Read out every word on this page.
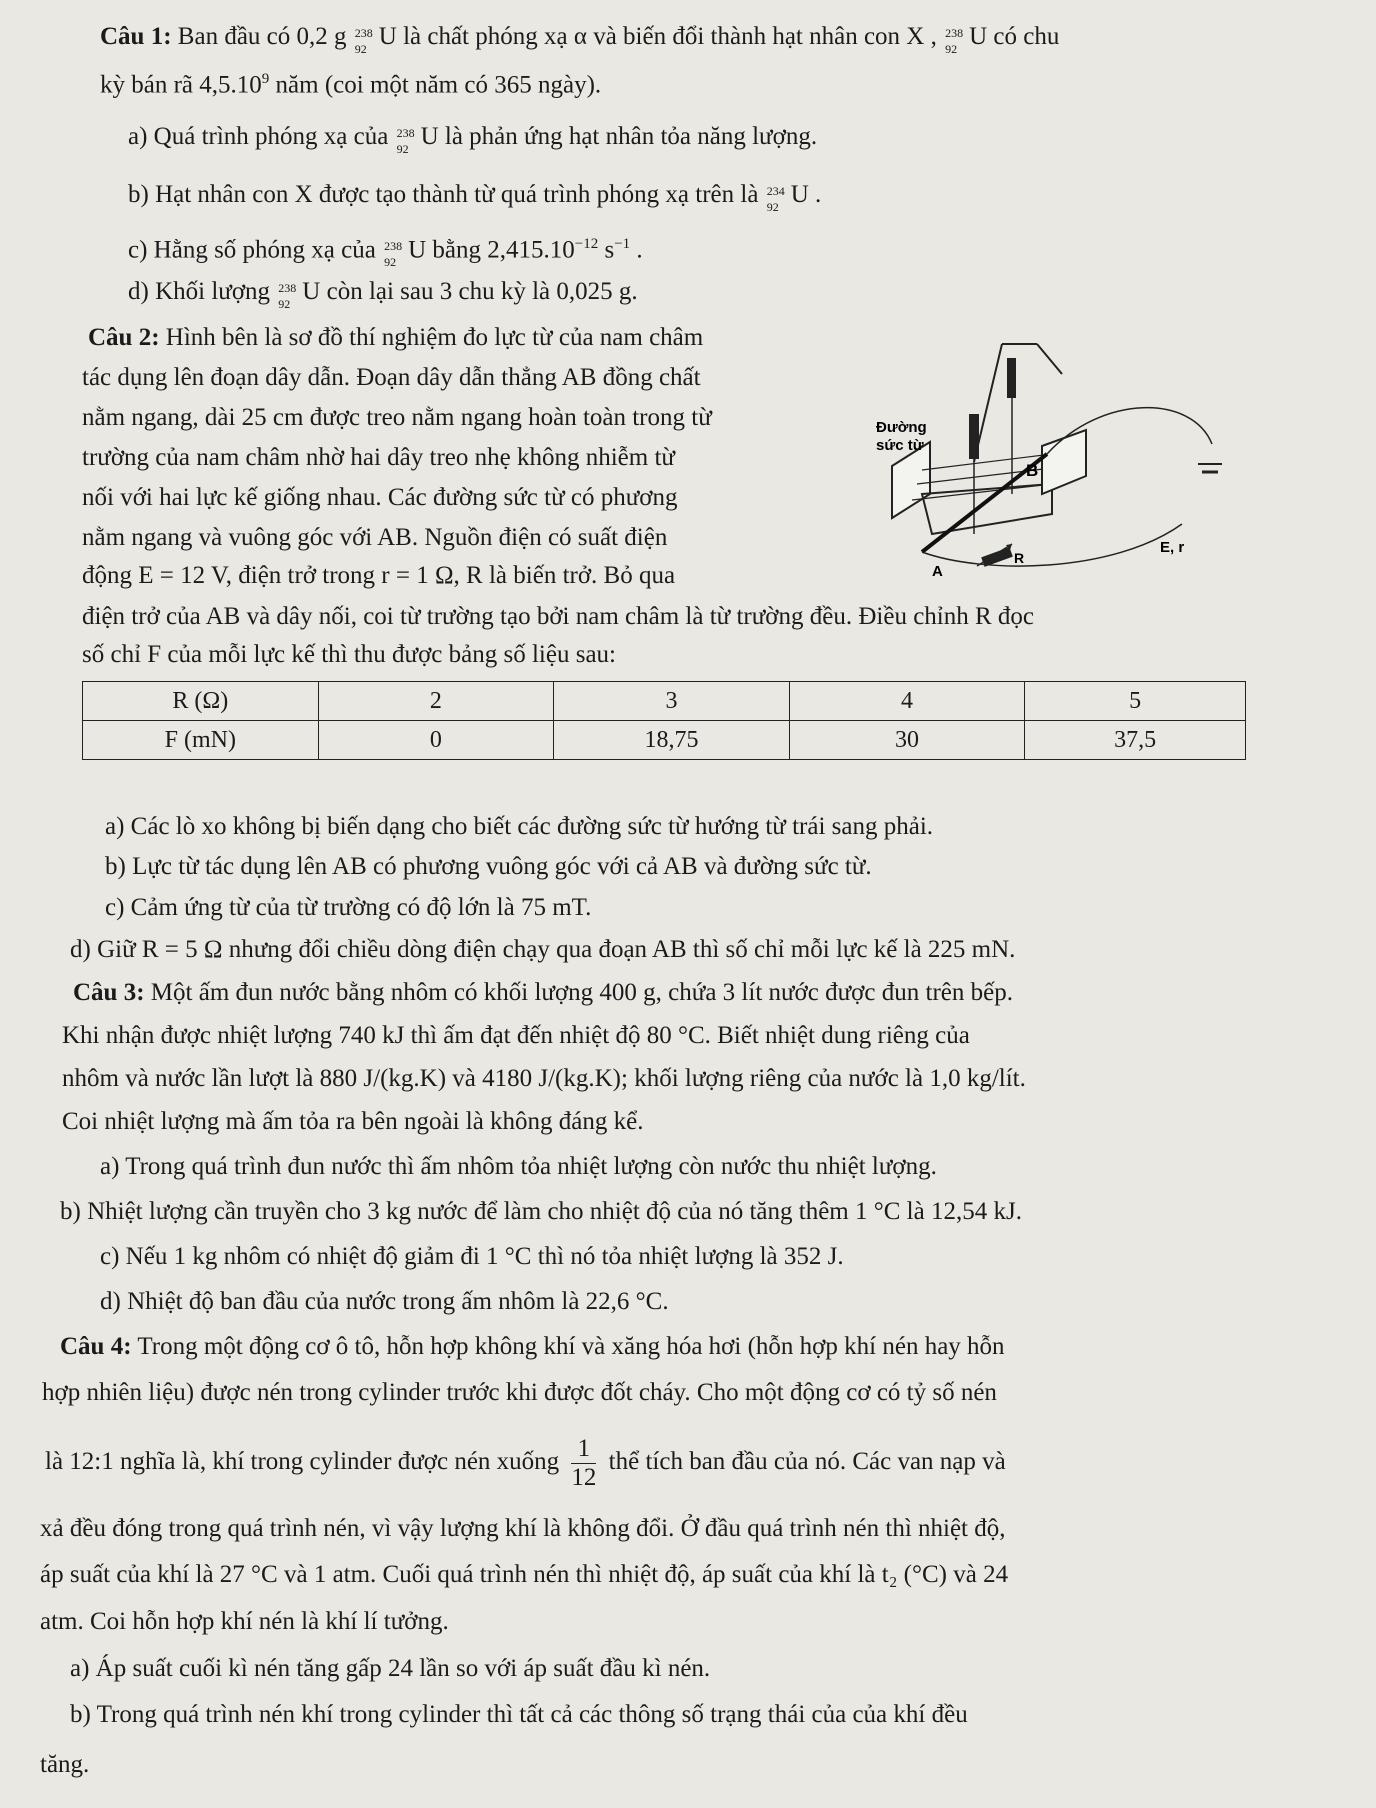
Câu 1: Ban đầu có 0,2 g 238
92 U là chất phóng xạ α và biến đổi thành hạt nhân con X , 238
92 U có chu
kỳ bán rã 4,5.10$^9$ năm (coi một năm có 365 ngày).
a) Quá trình phóng xạ của 238
92 U là phản ứng hạt nhân tỏa năng lượng.
b) Hạt nhân con X được tạo thành từ quá trình phóng xạ trên là 234
92 U .
c) Hằng số phóng xạ của 238
92 U bằng $2,415.10^{-12}$ $s^{-1}$ .
d) Khối lượng 238
92 U còn lại sau 3 chu kỳ là 0,025 g.
Câu 2: Hình bên là sơ đồ thí nghiệm đo lực từ của nam châm
tác dụng lên đoạn dây dẫn. Đoạn dây dẫn thẳng AB đồng chất
nằm ngang, dài 25 cm được treo nằm ngang hoàn toàn trong từ
trường của nam châm nhờ hai dây treo nhẹ không nhiễm từ
nối với hai lực kế giống nhau. Các đường sức từ có phương
nằm ngang và vuông góc với AB. Nguồn điện có suất điện
động E = 12 V, điện trở trong r = 1 Ω, R là biến trở. Bỏ qua
điện trở của AB và dây nối, coi từ trường tạo bởi nam châm là từ trường đều. Điều chỉnh R đọc
số chỉ F của mỗi lực kế thì thu được bảng số liệu sau:
Đường
sức từ
B
A
R
E, r
R (Ω)	2	3	4	5
F (mN)	0	18,75	30	37,5
a) Các lò xo không bị biến dạng cho biết các đường sức từ hướng từ trái sang phải.
b) Lực từ tác dụng lên AB có phương vuông góc với cả AB và đường sức từ.
c) Cảm ứng từ của từ trường có độ lớn là 75 mT.
d) Giữ R = 5 Ω nhưng đổi chiều dòng điện chạy qua đoạn AB thì số chỉ mỗi lực kế là 225 mN.
Câu 3: Một ấm đun nước bằng nhôm có khối lượng 400 g, chứa 3 lít nước được đun trên bếp.
Khi nhận được nhiệt lượng 740 kJ thì ấm đạt đến nhiệt độ 80 °C. Biết nhiệt dung riêng của
nhôm và nước lần lượt là 880 J/(kg.K) và 4180 J/(kg.K); khối lượng riêng của nước là 1,0 kg/lít.
Coi nhiệt lượng mà ấm tỏa ra bên ngoài là không đáng kể.
a) Trong quá trình đun nước thì ấm nhôm tỏa nhiệt lượng còn nước thu nhiệt lượng.
b) Nhiệt lượng cần truyền cho 3 kg nước để làm cho nhiệt độ của nó tăng thêm 1 °C là 12,54 kJ.
c) Nếu 1 kg nhôm có nhiệt độ giảm đi 1 °C thì nó tỏa nhiệt lượng là 352 J.
d) Nhiệt độ ban đầu của nước trong ấm nhôm là 22,6 °C.
Câu 4: Trong một động cơ ô tô, hỗn hợp không khí và xăng hóa hơi (hỗn hợp khí nén hay hỗn
hợp nhiên liệu) được nén trong cylinder trước khi được đốt cháy. Cho một động cơ có tỷ số nén
là 12:1 nghĩa là, khí trong cylinder được nén xuống $\frac{1}{12}$ thể tích ban đầu của nó. Các van nạp và
xả đều đóng trong quá trình nén, vì vậy lượng khí là không đổi. Ở đầu quá trình nén thì nhiệt độ,
áp suất của khí là 27 °C và 1 atm. Cuối quá trình nén thì nhiệt độ, áp suất của khí là t₂ (°C) và 24
atm. Coi hỗn hợp khí nén là khí lí tưởng.
a) Áp suất cuối kì nén tăng gấp 24 lần so với áp suất đầu kì nén.
b) Trong quá trình nén khí trong cylinder thì tất cả các thông số trạng thái của của khí đều
tăng.
